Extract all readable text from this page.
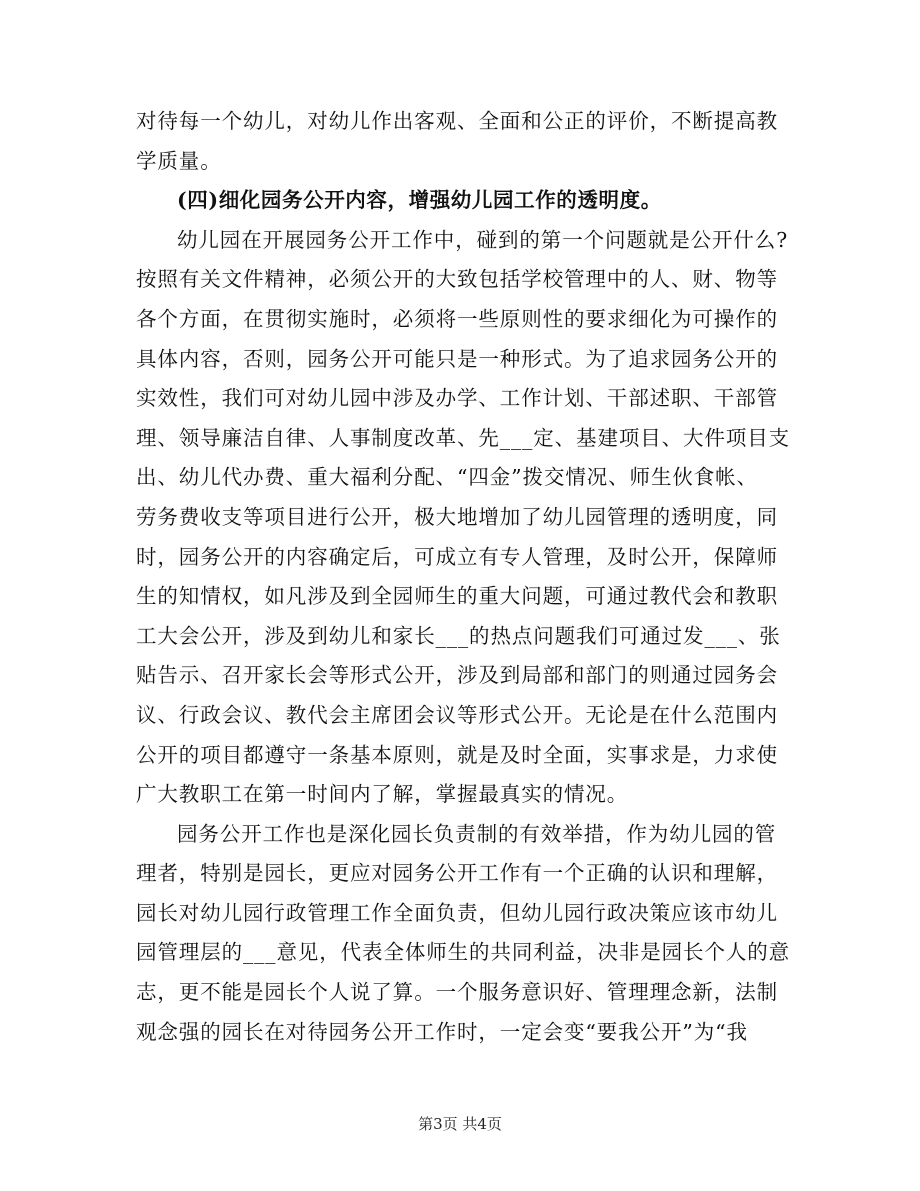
对待每一个幼儿，对幼儿作出客观、全面和公正的评价，不断提高教
学质量。
(四)细化园务公开内容，增强幼儿园工作的透明度。
幼儿园在开展园务公开工作中，碰到的第一个问题就是公开什么?
按照有关文件精神，必须公开的大致包括学校管理中的人、财、物等
各个方面，在贯彻实施时，必须将一些原则性的要求细化为可操作的
具体内容，否则，园务公开可能只是一种形式。为了追求园务公开的
实效性，我们可对幼儿园中涉及办学、工作计划、干部述职、干部管
理、领导廉洁自律、人事制度改革、先___定、基建项目、大件项目支
出、幼儿代办费、重大福利分配、“四金”拨交情况、师生伙食帐、
劳务费收支等项目进行公开，极大地增加了幼儿园管理的透明度，同
时，园务公开的内容确定后，可成立有专人管理，及时公开，保障师
生的知情权，如凡涉及到全园师生的重大问题，可通过教代会和教职
工大会公开，涉及到幼儿和家长___的热点问题我们可通过发___、张
贴告示、召开家长会等形式公开，涉及到局部和部门的则通过园务会
议、行政会议、教代会主席团会议等形式公开。无论是在什么范围内
公开的项目都遵守一条基本原则，就是及时全面，实事求是，力求使
广大教职工在第一时间内了解，掌握最真实的情况。
园务公开工作也是深化园长负责制的有效举措，作为幼儿园的管
理者，特别是园长，更应对园务公开工作有一个正确的认识和理解，
园长对幼儿园行政管理工作全面负责，但幼儿园行政决策应该市幼儿
园管理层的___意见，代表全体师生的共同利益，决非是园长个人的意
志，更不能是园长个人说了算。一个服务意识好、管理理念新，法制
观念强的园长在对待园务公开工作时，一定会变“要我公开”为“我
第3页 共4页
